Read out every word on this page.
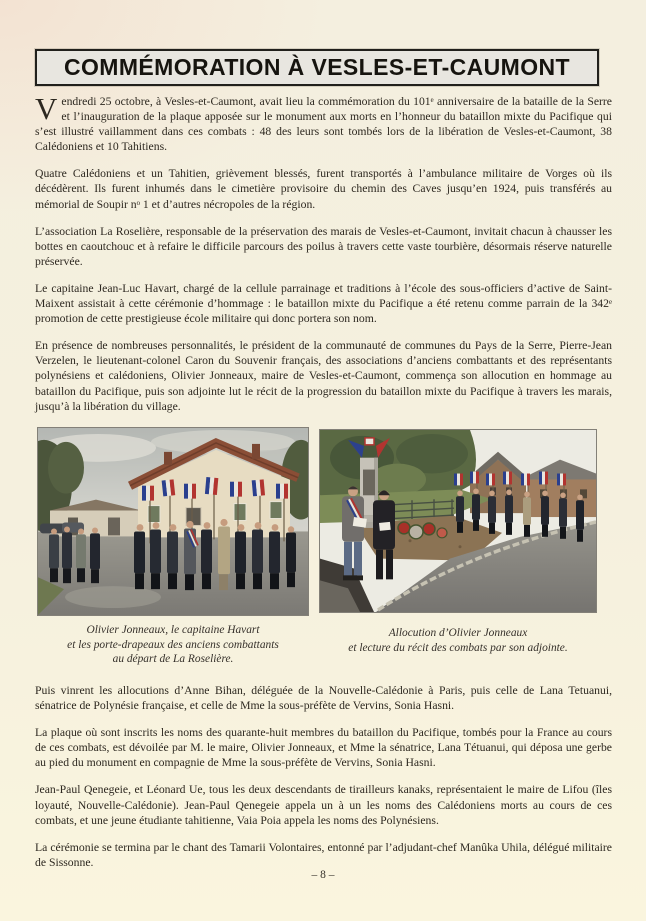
COMMÉMORATION À VESLES-ET-CAUMONT

Vendredi 25 octobre, à Vesles-et-Caumont, avait lieu la commémoration du 101ᵉ anniversaire de la bataille de la Serre et l’inauguration de la plaque apposée sur le monument aux morts en l’honneur du bataillon mixte du Pacifique qui s’est illustré vaillamment dans ces combats : 48 des leurs sont tombés lors de la libération de Vesles-et-Caumont, 38 Calédoniens et 10 Tahitiens.

Quatre Calédoniens et un Tahitien, grièvement blessés, furent transportés à l’ambulance militaire de Vorges où ils décédèrent. Ils furent inhumés dans le cimetière provisoire du chemin des Caves jusqu’en 1924, puis transférés au mémorial de Soupir nᵒ 1 et d’autres nécropoles de la région.

L’association La Roselière, responsable de la préservation des marais de Vesles-et-Caumont, invitait chacun à chausser les bottes en caoutchouc et à refaire le difficile parcours des poilus à travers cette vaste tourbière, désormais réserve naturelle préservée.

Le capitaine Jean-Luc Havart, chargé de la cellule parrainage et traditions à l’école des sous-officiers d’active de Saint-Maixent assistait à cette cérémonie d’hommage : le bataillon mixte du Pacifique a été retenu comme parrain de la 342ᵉ promotion de cette prestigieuse école militaire qui donc portera son nom.

En présence de nombreuses personnalités, le président de la communauté de communes du Pays de la Serre, Pierre-Jean Verzelen, le lieutenant-colonel Caron du Souvenir français, des associations d’anciens combattants et des représentants polynésiens et calédoniens, Olivier Jonneaux, maire de Vesles-et-Caumont, commença son allocution en hommage au bataillon du Pacifique, puis son adjointe lut le récit de la progression du bataillon mixte du Pacifique à travers les marais, jusqu’à la libération du village.

Olivier Jonneaux, le capitaine Havart
et les porte-drapeaux des anciens combattants
au départ de La Roselière.
Allocution d’Olivier Jonneaux
et lecture du récit des combats par son adjointe.

Puis vinrent les allocutions d’Anne Bihan, déléguée de la Nouvelle-Calédonie à Paris, puis celle de Lana Tetuanui, sénatrice de Polynésie française, et celle de Mme la sous-préfète de Vervins, Sonia Hasni.

La plaque où sont inscrits les noms des quarante-huit membres du bataillon du Pacifique, tombés pour la France au cours de ces combats, est dévoilée par M. le maire, Olivier Jonneaux, et Mme la sénatrice, Lana Tétuanui, qui déposa une gerbe au pied du monument en compagnie de Mme la sous-préfète de Vervins, Sonia Hasni.

Jean-Paul Qenegeie, et Léonard Ue, tous les deux descendants de tirailleurs kanaks, représentaient le maire de Lifou (îles loyauté, Nouvelle-Calédonie). Jean-Paul Qenegeie appela un à un les noms des Calédoniens morts au cours de ces combats, et une jeune étudiante tahitienne, Vaia Poia appela les noms des Polynésiens.

La cérémonie se termina par le chant des Tamarii Volontaires, entonné par l’adjudant-chef Manûka Uhila, délégué militaire de Sissonne.

– 8 –
